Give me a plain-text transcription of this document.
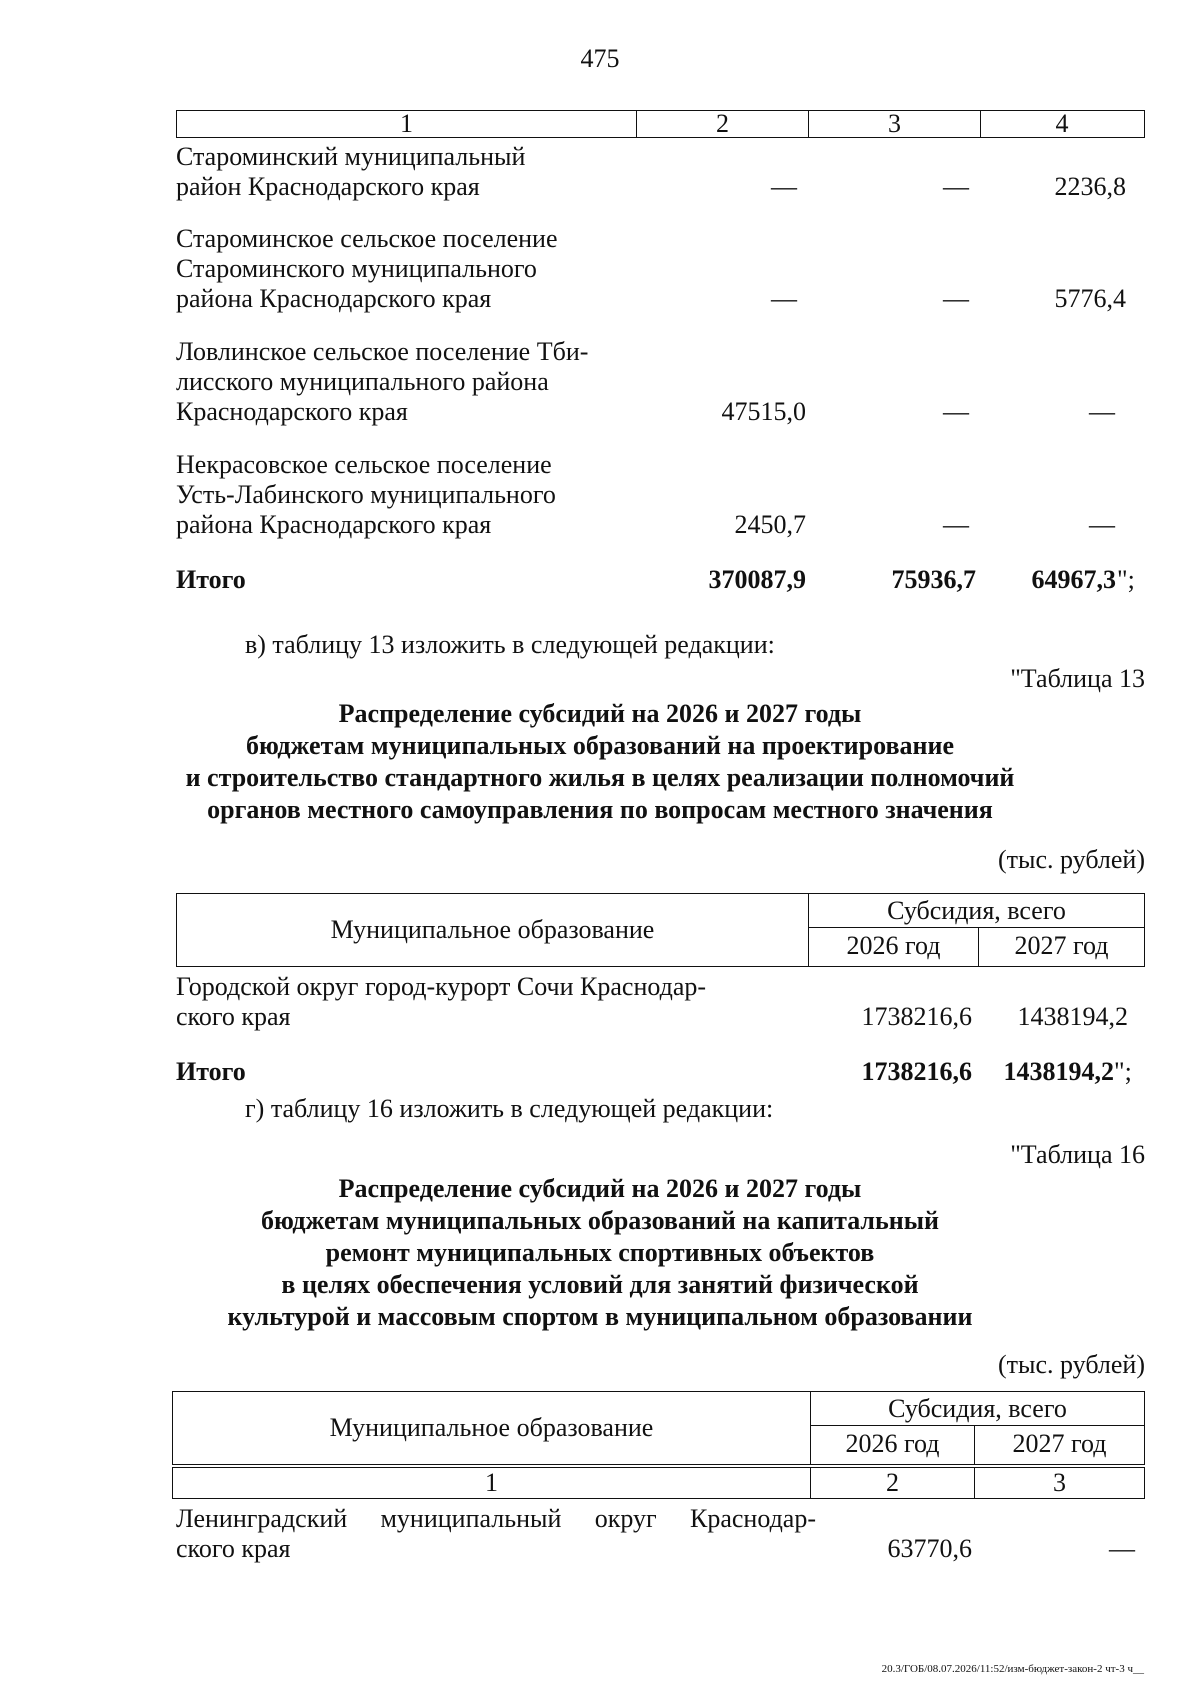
475
1	2	3	4
Староминский муниципальный
район Краснодарского края	—	—	2236,8
Староминское сельское поселение
Староминского муниципального
района Краснодарского края	—	—	5776,4
Ловлинское сельское поселение Тби-
лисского муниципального района
Краснодарского края	47515,0	—	—
Некрасовское сельское поселение
Усть-Лабинского муниципального
района Краснодарского края	2450,7	—	—
Итого	370087,9	75936,7	64967,3 ";
в) таблицу 13 изложить в следующей редакции:
"Таблица 13
Распределение субсидий на 2026 и 2027 годы
бюджетам муниципальных образований на проектирование
и строительство стандартного жилья в целях реализации полномочий
органов местного самоуправления по вопросам местного значения
(тыс. рублей)
Муниципальное образование
Субсидия, всего
2026 год	2027 год
Городской округ город-курорт Сочи Краснодар-
ского края	1738216,6	1438194,2
Итого	1738216,6	1438194,2 ";
г) таблицу 16 изложить в следующей редакции:
"Таблица 16
Распределение субсидий на 2026 и 2027 годы
бюджетам муниципальных образований на капитальный
ремонт муниципальных спортивных объектов
в целях обеспечения условий для занятий физической
культурой и массовым спортом в муниципальном образовании
(тыс. рублей)
Муниципальное образование
Субсидия, всего
2026 год	2027 год
1	2	3
Ленинградский муниципальный округ Краснодар-
ского края	63770,6	—
20.3/ГОБ/08.07.2026/11:52/изм-бюджет-закон-2 чт-3 ч__
